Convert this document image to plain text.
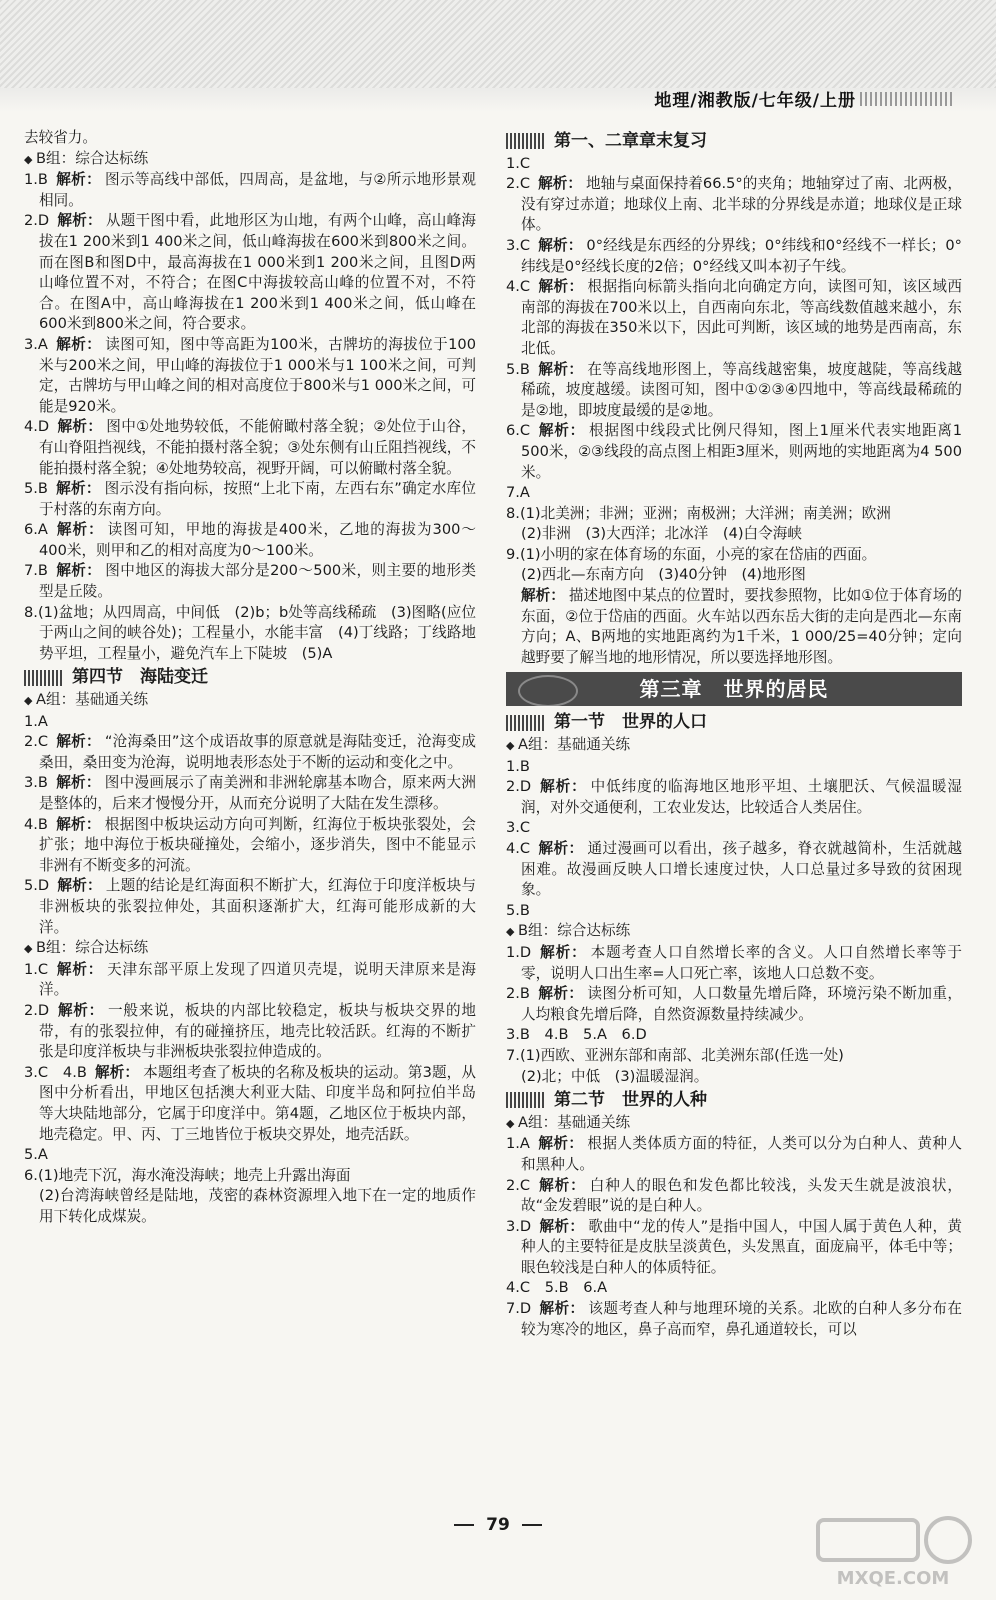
地理/湘教版/七年级/上册

去较省力。

◆ B组：综合达标练

1.B 解析： 图示等高线中部低，四周高，是盆地，与②所示地形景观相同。

2.D 解析： 从题干图中看，此地形区为山地，有两个山峰，高山峰海拔在1 200米到1 400米之间，低山峰海拔在600米到800米之间。而在图B和图D中，最高海拔在1 000米到1 200米之间，且图D两山峰位置不对，不符合；在图C中海拔较高山峰的位置不对，不符合。在图A中，高山峰海拔在1 200米到1 400米之间，低山峰在600米到800米之间，符合要求。

3.A 解析： 读图可知，图中等高距为100米，古牌坊的海拔位于100米与200米之间，甲山峰的海拔位于1 000米与1 100米之间，可判定，古牌坊与甲山峰之间的相对高度位于800米与1 000米之间，可能是920米。

4.D 解析： 图中①处地势较低，不能俯瞰村落全貌；②处位于山谷，有山脊阻挡视线，不能拍摄村落全貌；③处东侧有山丘阻挡视线，不能拍摄村落全貌；④处地势较高，视野开阔，可以俯瞰村落全貌。

5.B 解析： 图示没有指向标，按照“上北下南，左西右东”确定水库位于村落的东南方向。

6.A 解析： 读图可知，甲地的海拔是400米，乙地的海拔为300～400米，则甲和乙的相对高度为0～100米。

7.B 解析： 图中地区的海拔大部分是200～500米，则主要的地形类型是丘陵。

8.(1)盆地；从四周高，中间低　(2)b；b处等高线稀疏　(3)图略(应位于两山之间的峡谷处)；工程量小，水能丰富　(4)丁线路；丁线路地势平坦，工程量小，避免汽车上下陡坡　(5)A

第四节　海陆变迁

◆ A组：基础通关练

1.A

2.C 解析： “沧海桑田”这个成语故事的原意就是海陆变迁，沧海变成桑田，桑田变为沧海，说明地表形态处于不断的运动和变化之中。

3.B 解析： 图中漫画展示了南美洲和非洲轮廓基本吻合，原来两大洲是整体的，后来才慢慢分开，从而充分说明了大陆在发生漂移。

4.B 解析： 根据图中板块运动方向可判断，红海位于板块张裂处，会扩张；地中海位于板块碰撞处，会缩小，逐步消失，图中不能显示非洲有不断变多的河流。

5.D 解析： 上题的结论是红海面积不断扩大，红海位于印度洋板块与非洲板块的张裂拉伸处，其面积逐渐扩大，红海可能形成新的大洋。

◆ B组：综合达标练

1.C 解析： 天津东部平原上发现了四道贝壳堤，说明天津原来是海洋。

2.D 解析： 一般来说，板块的内部比较稳定，板块与板块交界的地带，有的张裂拉伸，有的碰撞挤压，地壳比较活跃。红海的不断扩张是印度洋板块与非洲板块张裂拉伸造成的。

3.C　4.B 解析： 本题组考查了板块的名称及板块的运动。第3题，从图中分析看出，甲地区包括澳大利亚大陆、印度半岛和阿拉伯半岛等大块陆地部分，它属于印度洋中。第4题，乙地区位于板块内部，地壳稳定。甲、丙、丁三地皆位于板块交界处，地壳活跃。

5.A

6.(1)地壳下沉，海水淹没海峡；地壳上升露出海面

(2)台湾海峡曾经是陆地，茂密的森林资源埋入地下在一定的地质作用下转化成煤炭。

第一、二章章末复习

1.C

2.C 解析： 地轴与桌面保持着66.5°的夹角；地轴穿过了南、北两极，没有穿过赤道；地球仪上南、北半球的分界线是赤道；地球仪是正球体。

3.C 解析： 0°经线是东西经的分界线；0°纬线和0°经线不一样长；0°纬线是0°经线长度的2倍；0°经线又叫本初子午线。

4.C 解析： 根据指向标箭头指向北向确定方向，读图可知，该区域西南部的海拔在700米以上，自西南向东北，等高线数值越来越小，东北部的海拔在350米以下，因此可判断，该区域的地势是西南高，东北低。

5.B 解析： 在等高线地形图上，等高线越密集，坡度越陡，等高线越稀疏，坡度越缓。读图可知，图中①②③④四地中，等高线最稀疏的是②地，即坡度最缓的是②地。

6.C 解析： 根据图中线段式比例尺得知，图上1厘米代表实地距离1 500米，②③线段的高点图上相距3厘米，则两地的实地距离为4 500米。

7.A

8.(1)北美洲；非洲；亚洲；南极洲；大洋洲；南美洲；欧洲

(2)非洲　(3)大西洋；北冰洋　(4)白令海峡

9.(1)小明的家在体育场的东面，小亮的家在岱庙的西面。

(2)西北—东南方向　(3)40分钟　(4)地形图

解析： 描述地图中某点的位置时，要找参照物，比如①位于体育场的东面，②位于岱庙的西面。火车站以西东岳大街的走向是西北—东南方向；A、B两地的实地距离约为1千米，1 000/25=40分钟；定向越野要了解当地的地形情况，所以要选择地形图。

第三章　世界的居民
第一节　世界的人口

◆ A组：基础通关练

1.B

2.D 解析： 中低纬度的临海地区地形平坦、土壤肥沃、气候温暖湿润，对外交通便利，工农业发达，比较适合人类居住。

3.C

4.C 解析： 通过漫画可以看出，孩子越多，脊衣就越简朴，生活就越困难。故漫画反映人口增长速度过快，人口总量过多导致的贫困现象。

5.B

◆ B组：综合达标练

1.D 解析： 本题考查人口自然增长率的含义。人口自然增长率等于零，说明人口出生率=人口死亡率，该地人口总数不变。

2.B 解析： 读图分析可知，人口数量先增后降，环境污染不断加重，人均粮食先增后降，自然资源数量持续减少。

3.B　4.B　5.A　6.D

7.(1)西欧、亚洲东部和南部、北美洲东部(任选一处)

(2)北；中低　(3)温暖湿润。

第二节　世界的人种

◆ A组：基础通关练

1.A 解析： 根据人类体质方面的特征，人类可以分为白种人、黄种人和黑种人。

2.C 解析： 白种人的眼色和发色都比较浅，头发天生就是波浪状，故“金发碧眼”说的是白种人。

3.D 解析： 歌曲中“龙的传人”是指中国人，中国人属于黄色人种，黄种人的主要特征是皮肤呈淡黄色，头发黑直，面庞扁平，体毛中等；眼色较浅是白种人的体质特征。

4.C　5.B　6.A

7.D 解析： 该题考查人种与地理环境的关系。北欧的白种人多分布在较为寒冷的地区，鼻子高而窄，鼻孔通道较长，可以

79
MXQE.COM
